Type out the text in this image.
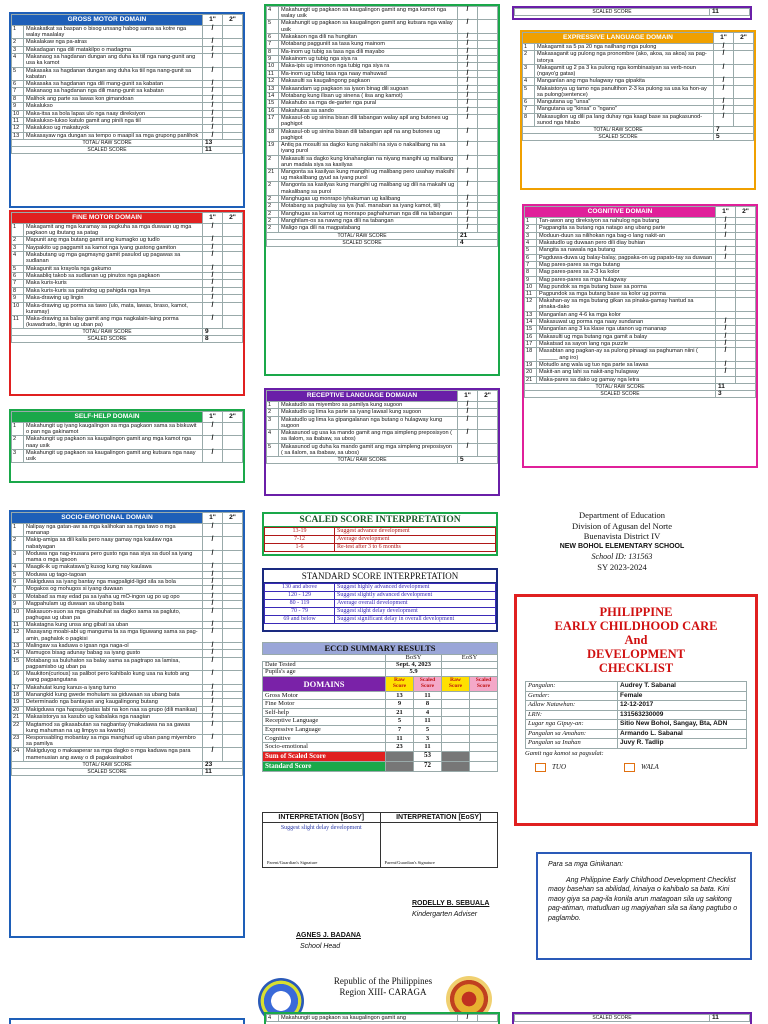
GROSS MOTOR DOMAIN		1"	2"
1	Makakatkat sa baspan o bisog unsang habog sama sa kotre nga walay maalalay	/	
2	Makalakaw nga pa-atras	/	
3	Makadagan nga dili matakilpo o madagma	/	
4	Makanaog sa hagdanan dungan ang duha ka tiil nga nang-gunit ang usa ka kamot	/	
5	Makasaka sa hagdanan dungan ang duha ka tiil nga nang-gunit sa kabatan	/	
6	Makasaka sa hagdanan nga dili mang-gunit sa kabatan	/	
7	Makanaog sa hagdanan nga dili mang-gunit sa kabatan	/	
8	Malihok ang parte sa lawas kon gimandoan	/	
9	Makalukso	/	
10	Maka-itsa sa bola lapas ulo nga naay direksiyon	/	
11	Makalukso-lukso katulo gamit ang pinili nga tiil	/	
12	Makalukso ug makatuyok	/	
13	Makasayaw nga dungan sa tempo o maapil sa mga grupong panlihok	/	
TOTAL/ RAW SCORE		13	
SCALED SCORE		11	
FINE MOTOR DOMAIN		1"	2"
1	Makagamit ang mga kuramay sa pagkuha sa mga duwaan ug mga pagkaon ug ibutang sa patag	/	
2	Mapunit ang mga butang gamit ang kumagko ug tudlo	/	
3	Naypakito ug paggamit sa kamot nga iyang gustong gamiton	/	
4	Makabutang ug mga gagmayng gamit pasulod ug pagawas sa sudlanan	/	
5	Makagunit sa krayola nga gakumo	/	
6	Makaabliq takob sa sudlanan ug pinutos nga pagkaon	/	
7	Maka kuris-kuris	/	
8	Maka kuris-kuris sa patindog ug pahigda nga linya	/	
9	Maka-drawing ug lingin	/	
10	Maka-drawing ug porma sa tawo (ulo, mata, lawas, braso, kamot, kuramay)	/	
11	Maka-drawing sa balay gamit ang mga nagkalain-laing porma (kuwadrado, lignin ug uban pa)	/	
TOTAL/ RAW SCORE		9	
SCALED SCORE		8	
SELF-HELP DOMAIN		1"	2"
1	Makahungit ug iyang kaugalingon sa mga pagkaon sama sa biskuwit o pan nga gakinamot	/	
2	Makahungit ug pagkaon sa kaugalingon gamit ang mga kamot nga naay usik	/	
3	Makahungit ug pagkaon sa kaugalingon gamit ang kutsara nga naay usik	/	
4	Makahungit ug pagkaon sa kaugalingon gamit ang mga kamot nga walay usik	/	
5	Makahungit ug pagkaon sa kaugalingon gamit ang kutsara nga walay usik	/	
6	Makakaon nga dili na hungitan	/	
7	Motabang pagguniit sa tasa kung mainom	/	
8	Ma-inom ug tubig sa tasa nga dili mayabo	/	
9	Makainom ug tubig nga siya ra	/	
10	Maka-ipis ug imnonon nga tubig nga siya ra	/	
11	Ma-inom ug tubig tasa nga naay mahuwad	/	
12	Makasulti sa kaugalingong pagkaon	/	
13	Makaandam ug pagkaon sa iyaon binag dili sugoan	/	
14	Motabang kung ilisan ug sinena ( iisa ang kamot)	/	
15	Makahubo sa mga de-garter nga pural	/	
16	Makahukas sa sando	/	
17	Makasul-ob ug sinina bisan dili tabangan walay apil ang butones ug paghigot	/	
18	Makasul-ob ug sinina bisan dili tabangan apil na ang butones ug paghigot	/	
19	Antiq pa mosulti sa dagko kung naksihi na siya o nakalibang na sa iyang purol	/	
2	Makasulti sa dagko kung kinahanglan na niyang mangihi ug malibang arun madala siya sa kasilyas	/	
21	Mangonta sa kasilyas kung mangihi ug malibang pero usahay maksihi ug makalibang gyud sa iyang purol	/	
2	Mangonta sa kasilyas kung mangihi ug malibang ug dili na makaihi ug makalibang sa purol	/	
2	Manghugas ug monrapo iyhakuman ug kalibang	/	
2	Motabang sa paghulay sa iya (hal. manaban sa iyang kamot, tiil)	/	
2	Manghugas sa kamot ug monrapo paghahuman nga dili na tabangan	/	
2	Manghilam-os sa nawng nga dili na tabangan	/	
2	Maligo nga dili na magpatabang	/	
TOTAL/ RAW SCORE		21	
SCALED SCORE		4	
RECEPTIVE LANGUAGE DOMAIAN		1"	2"
1	Makatudlo sa miyembro sa pamilya kung sugoon	/	
2	Makatudlo ug lima ka parte sa iyang lawasl kung sugoon	/	
3	Makatudlo ug lima ka gipangalanan nga butang o hulagway kung sugoon	/	
4	Makasunod ug usa ka mando gamit ang mga simpleng preposisyon ( sa ilalom, sa ibabaw, sa ubos)	/	
5	Makasunod ug duha ka mando gamit ang mga simpleng preposisyon ( sa ilalom, sa ibabaw, sa ubos)	/	
TOTAL/ RAW SCORE		5	
SCALED SCORE	11
EXPRESSIVE LANGUAGE DOMAIN		1"	2"
1	Makagamit sa 5 pa 20 nga nailhang mga pulong	/	
2	Makasaganit ug pulong nga pronombre (ako, akoa, sa akoa) sa pag-istorya	/	
3	Makagamit ug 2 pa 3 ka pulong nga kombinasiyan sa verb-noun (ngayo'g gatas)	/	
4	Manganlan ang mga hulagway nga gipakita	/	
5	Makaistorya ug tamo nga panultihon 2-3 ka pulong sa usa ka hon-ay sa pulong(sentence)	/	
6	Mangutana ug "unsa"	/	
7	Mangutana ug "kinsa" o "ngano"	/	
8	Makasugilon ug dili pa lang duhay nga kaagi base sa pagkasunod-sunod nga hitabo	/	
TOTAL/ RAW SCORE		7	
SCALED SCORE		5	
COGNITIVE DOMAIN		1"	2"
1	Tan-awon ang direksiyon sa nahulog nga butang	/	
2	Pagpangita sa butang nga natago ang ubang parte	/	
3	Moduun-duun sa nilihokan nga bag-o lang nakit-an	/	
4	Makatudlo ug duwaan pero dili diay buhian		
5	Mangita sa nawala nga butang	/	
6	Pagduwa-duwa ug balay-balay, pagpaka-on ug papato-tay sa duwaan	/	
7	Mag pares-pares sa mga butang		
8	Mag pares-pares sa 2-3 ka kolor		
9	Mag pares-pares sa mga hulagway		
10	Mag pundok sa mga butang base sa porma		
11	Pagpundok sa mga butang base sa kolor ug porma		
12	Makahan-ay sa mga butang gikan sa pinaka-gamay hantud sa pinaka-dako		
13	Manganlan ang 4-6 ka mga kolor		
14	Makasuwat ug porma nga naay sundanan	/	
15	Manganlan ang 3 ka klase nga utanon ug mananap	/	
16	Makasulti ug mga butang nga gamit a balay	/	
17	Makatsad sa sayon lang nga puzzle	/	
18	Masabtan ang pagkan-ay sa pulong pinaagi sa paghuman niini ( ______ ang iro)	/	
19	Motudlo ang wala ug tuo nga parte sa lawas	/	
20	Makit-an ang lahi sa nakit-ang hulagway	/	
21	Maka-pares sa dako ug gamay nga letra		
TOTAL/ RAW SCORE		11	
SCALED SCORE		3	
SOCIO-EMOTIONAL DOMAIN		1"	2"
1	Nalipay nga gatan-aw sa mga kalihokan sa mga tawo o mga mananap	/	
2	Makig-amiga sa dili kaila pero naay gamay nga kaulaw nga nabatyagan	/	
3	Moduwa nga nag-inusara pero gusto nga naa siya sa duol sa iyang mama o mga igsoon	/	
4	Maagik-ik ug makatawa'g kusog kung nay kaulawa	/	
5	Moduwa ug tago-tagoan	/	
6	Makigduwa sa iyang bantay nga magpaligid-ligid sila sa bola	/	
7	Mogakos og mohugos si iyang duwaan	/	
8	Motabad sa may edad pa sa iyaha ug mO-ingon ug po ug opo	/	
9	Magpahulam ug duwaan sa ubang bata	/	
10	Makasuon-suon sa mga ginabuhat sa dagko sama sa pagluto, paghugas ug uban pa	/	
11	Makatagna kung unsa ang gibati sa uban	/	
12	Masayang moabi-abi ug manguma ta sa mga tiguwang sama sa pag-amin, paghalok o pagkisi	/	
13	Malingaw sa kaduwa o igsan nga naga-ol	/	
14	Mamugos bisag adunay babag sa iyang gusto	/	
15	Motabang sa buluhaton sa balay sama sa pagtrapo sa lamisa, pagpamisbo ug uban pa	/	
16	Maukiton(curious) sa palibot pero kahibalo kung usa na kutob ang iyang pagpangutana	/	
17	Makahulat kung kanus-a iyang turno	/	
18	Manangkid kung gwede mohulam sa giduwaan sa ubang bata	/	
19	Determinado nga bantayan ang kaugalingong butang	/	
20	Makigduwa nga hapsay/patas labi na kon naa sa grupo (dili manikas)	/	
21	Makasistorya sa kasubo ug kabalaka nga naagian	/	
22	Magtamod sa gikasabutan sa nagbantay (makadawa na sa gawas kung mahuman na ug limpyo sa kwarto)	/	
23	Responsabling mobantay sa mga manghud ug uban pang miyembro sa pamilya	/	
24	Makigduyog o makaaperar sa mga dagko o mga kaduwa nga para mamenusian ang away o di pagakasinabot	/	
TOTAL/ RAW SCORE		23	
SCALED SCORE		11	
SCALED SCORE INTERPRETATION
13-19	Suggest advance development
7-12	Average development
1-6	Re-test after 3 to 6 months
STANDARD SCORE INTERPRETATION
130 and above	Suggest highly advanced development
120 - 129	Suggest slightly advanced development
80 - 119	Average overall development
70 - 79	Suggest slight delay development
69 and below	Suggest significant delay in overall development
ECCD SUMMARY RESULTS				
	BoSY		EoSY	
Date Tested	Sept. 4, 2023			
Pupils's age	5.9			
DOMAINS	Raw Score	Scaled Score	Raw Score	Scaled Score
Gross Motor	13	11		
Fine Motor	9	8		
Self-help	21	4		
Receptive Language	5	11		
Expressive Language	7	5		
Cognitive	11	3		
Socio-emotional	23	11		
Sum of Scaled Score		53		
Standard Score		72		
INTERPRETATION [BoSY]	INTERPRETATION [EoSY]
Suggest slight delay development
Parent/Guardian's Signature	Parent/Guardian's Signature
RODELLY B. SEBUALA
Kindergarten Adviser
AGNES J. BADANA
School Head
Republic of the Philippines
Region XIII- CARAGA
Department of Education
Division of Agusan del Norte
Buenavista District IV
NEW BOHOL ELEMENTARY SCHOOL
School ID: 131563
SY 2023-2024
PHILIPPINE
EARLY CHILDHOOD CARE
And
DEVELOPMENT
CHECKLIST
Pangalan:	Audrey T. Sabanal
Gender:	Female
Adlaw Natawhan:	12-12-2017
LRN:	131563230009
Lugar nga Gipuy-an:	Sitio New Bohol, Sangay, Bta, ADN
Pangalan sa Amahan:	Armando L. Sabanal
Pangalan sa Inahan	Juvy R. Tadlip
Gamit nga kamot sa pagsulat:
TUO	WALA
Para sa mga Ginikanan:
Ang Philippine Early Childhood Development Checklist maoy basehan sa abilidad, kinaiya o kahibalo sa bata. Kini maoy giya sa pag-ila konila arun matagoan sila ug sakitong pag-atiman, matudluan ug magiyahan sila sa ilang pagtubo o paglambo.
4	Makahungit ug pagkaon sa kaugalingon gamit ang	/		SCALED SCORE	11
